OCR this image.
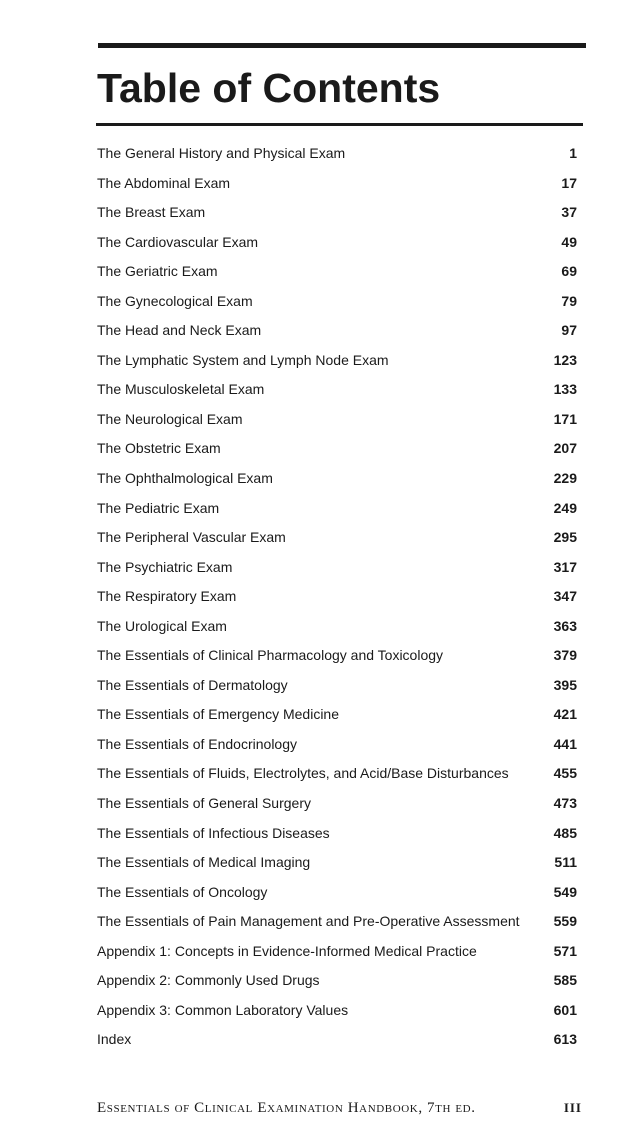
Table of Contents
The General History and Physical Exam	1
The Abdominal Exam	17
The Breast Exam	37
The Cardiovascular Exam	49
The Geriatric Exam	69
The Gynecological Exam	79
The Head and Neck Exam	97
The Lymphatic System and Lymph Node Exam	123
The Musculoskeletal Exam	133
The Neurological Exam	171
The Obstetric Exam	207
The Ophthalmological Exam	229
The Pediatric Exam	249
The Peripheral Vascular Exam	295
The Psychiatric Exam	317
The Respiratory Exam	347
The Urological Exam	363
The Essentials of Clinical Pharmacology and Toxicology	379
The Essentials of Dermatology	395
The Essentials of Emergency Medicine	421
The Essentials of Endocrinology	441
The Essentials of Fluids, Electrolytes, and Acid/Base Disturbances	455
The Essentials of General Surgery	473
The Essentials of Infectious Diseases	485
The Essentials of Medical Imaging	511
The Essentials of Oncology	549
The Essentials of Pain Management and Pre-Operative Assessment 559
Appendix 1: Concepts in Evidence-Informed Medical Practice	571
Appendix 2: Commonly Used Drugs	585
Appendix 3: Common Laboratory Values	601
Index	613
Essentials of Clinical Examination Handbook, 7th ed.	III
